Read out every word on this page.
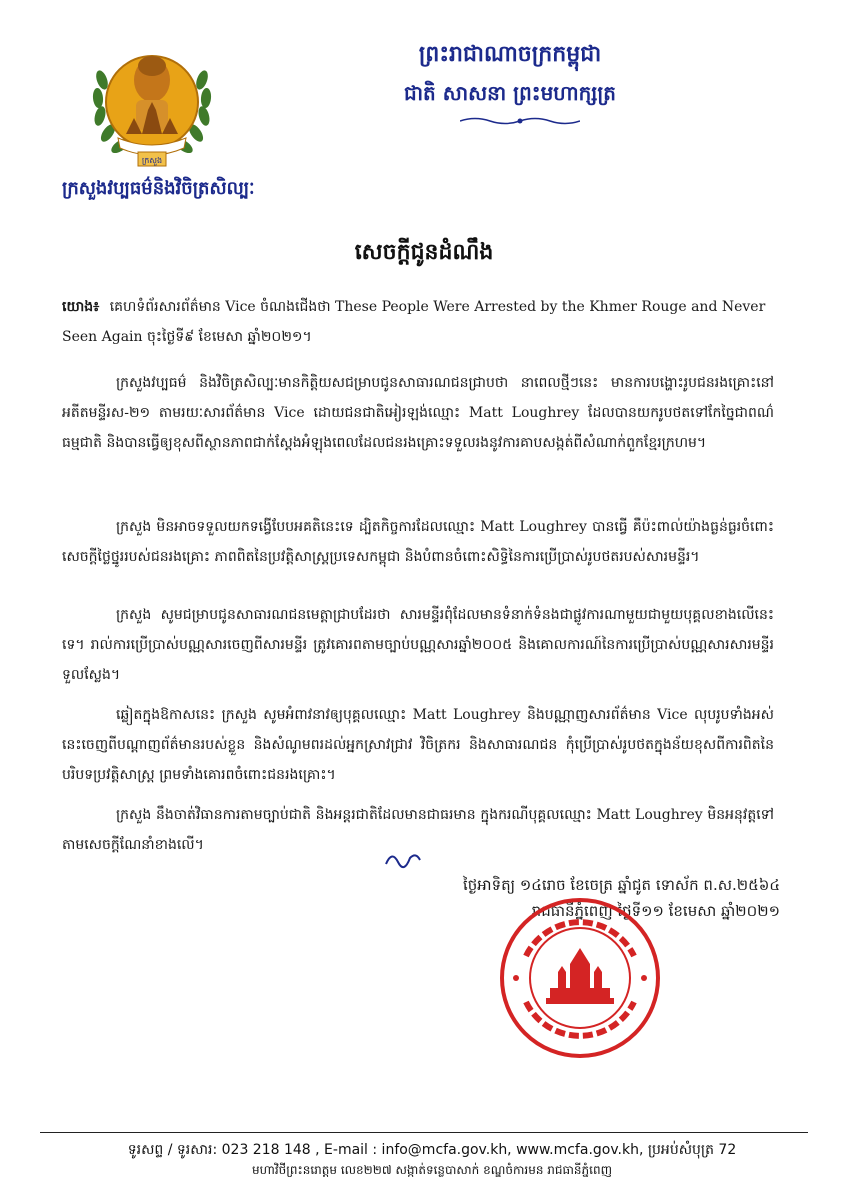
ក្រសួង
ព្រះរាជាណាចក្រកម្ពុជា
ជាតិ សាសនា ព្រះមហាក្សត្រ
ក្រសួងវប្បធម៌និងវិចិត្រសិល្បៈ
សេចក្តីជូនដំណឹង
យោង៖ គេហទំព័រសារព័ត៌មាន Vice ចំណងជើងថា These People Were Arrested by the Khmer Rouge and Never Seen Again ចុះថ្ងៃទី៩ ខែមេសា ឆ្នាំ២០២១។
ក្រសួងវប្បធម៌ និងវិចិត្រសិល្បៈមានកិត្តិយសជម្រាបជូនសាធារណជនជ្រាបថា នាពេលថ្មីៗនេះ មានការបង្ហោះរូបជនរងគ្រោះនៅអតីតមន្ទីរស-២១ តាមរយៈសារព័ត៌មាន Vice ដោយជនជាតិអៀរឡង់ឈ្មោះ Matt Loughrey ដែលបានយករូបថតទៅកែច្នៃជាពណ៌ធម្មជាតិ និងបានធ្វើឲ្យខុសពីស្ថានភាពជាក់ស្តែងអំឡុងពេលដែលជនរងគ្រោះទទួលរងនូវការគាបសង្កត់ពីសំណាក់ពួកខ្មែរក្រហម។
ក្រសួង មិនអាចទទួលយកទង្វើបែបអគតិនេះទេ ដ្បិតកិច្ចការដែលឈ្មោះ Matt Loughrey បានធ្វើ គឺប៉ះពាល់យ៉ាងធ្ងន់ធ្ងរចំពោះសេចក្តីថ្លៃថ្នូររបស់ជនរងគ្រោះ ភាពពិតនៃប្រវត្តិសាស្ត្រប្រទេសកម្ពុជា និងបំពានចំពោះសិទ្ធិនៃការប្រើប្រាស់រូបថតរបស់សារមន្ទីរ។
ក្រសួង សូមជម្រាបជូនសាធារណជនមេត្តាជ្រាបដែរថា សារមន្ទីរពុំដែលមានទំនាក់ទំនងជាផ្លូវការណាមួយជាមួយបុគ្គលខាងលើនេះទេ។ រាល់ការប្រើប្រាស់បណ្ណសារចេញពីសារមន្ទីរ ត្រូវគោរពតាមច្បាប់បណ្ណសារឆ្នាំ២០០៥ និងគោលការណ៍នៃការប្រើប្រាស់បណ្ណសារសារមន្ទីរទួលស្លែង។
ឆ្លៀតក្នុងឱកាសនេះ ក្រសួង សូមអំពាវនាវឲ្យបុគ្គលឈ្មោះ Matt Loughrey និងបណ្ណាញសារព័ត៌មាន Vice លុបរូបទាំងអស់នេះចេញពីបណ្តាញព័ត៌មានរបស់ខ្លួន និងសំណូមពរដល់អ្នកស្រាវជ្រាវ វិចិត្រករ និងសាធារណជន កុំប្រើប្រាស់រូបថតក្នុងន័យខុសពីការពិតនៃបរិបទប្រវត្តិសាស្ត្រ ព្រមទាំងគោរពចំពោះជនរងគ្រោះ។
ក្រសួង នឹងចាត់វិធានការតាមច្បាប់ជាតិ និងអន្តរជាតិដែលមានជាធរមាន ក្នុងករណីបុគ្គលឈ្មោះ Matt Loughrey មិនអនុវត្តទៅតាមសេចក្តីណែនាំខាងលើ។
ថ្ងៃអាទិត្យ ១៤រោច ខែចេត្រ ឆ្នាំជូត ទោស័ក ព.ស.២៥៦៤
រាជធានីភ្នំពេញ ថ្ងៃទី១១ ខែមេសា ឆ្នាំ២០២១
ទូរសព្ទ / ទូរសារ: 023 218 148 , E-mail : info@mcfa.gov.kh, www.mcfa.gov.kh, ប្រអប់សំបុត្រ 72
មហាវិថីព្រះនរោត្តម លេខ២២៧ សង្កាត់ទន្លេបាសាក់ ខណ្ឌចំការមន រាជធានីភ្នំពេញ
